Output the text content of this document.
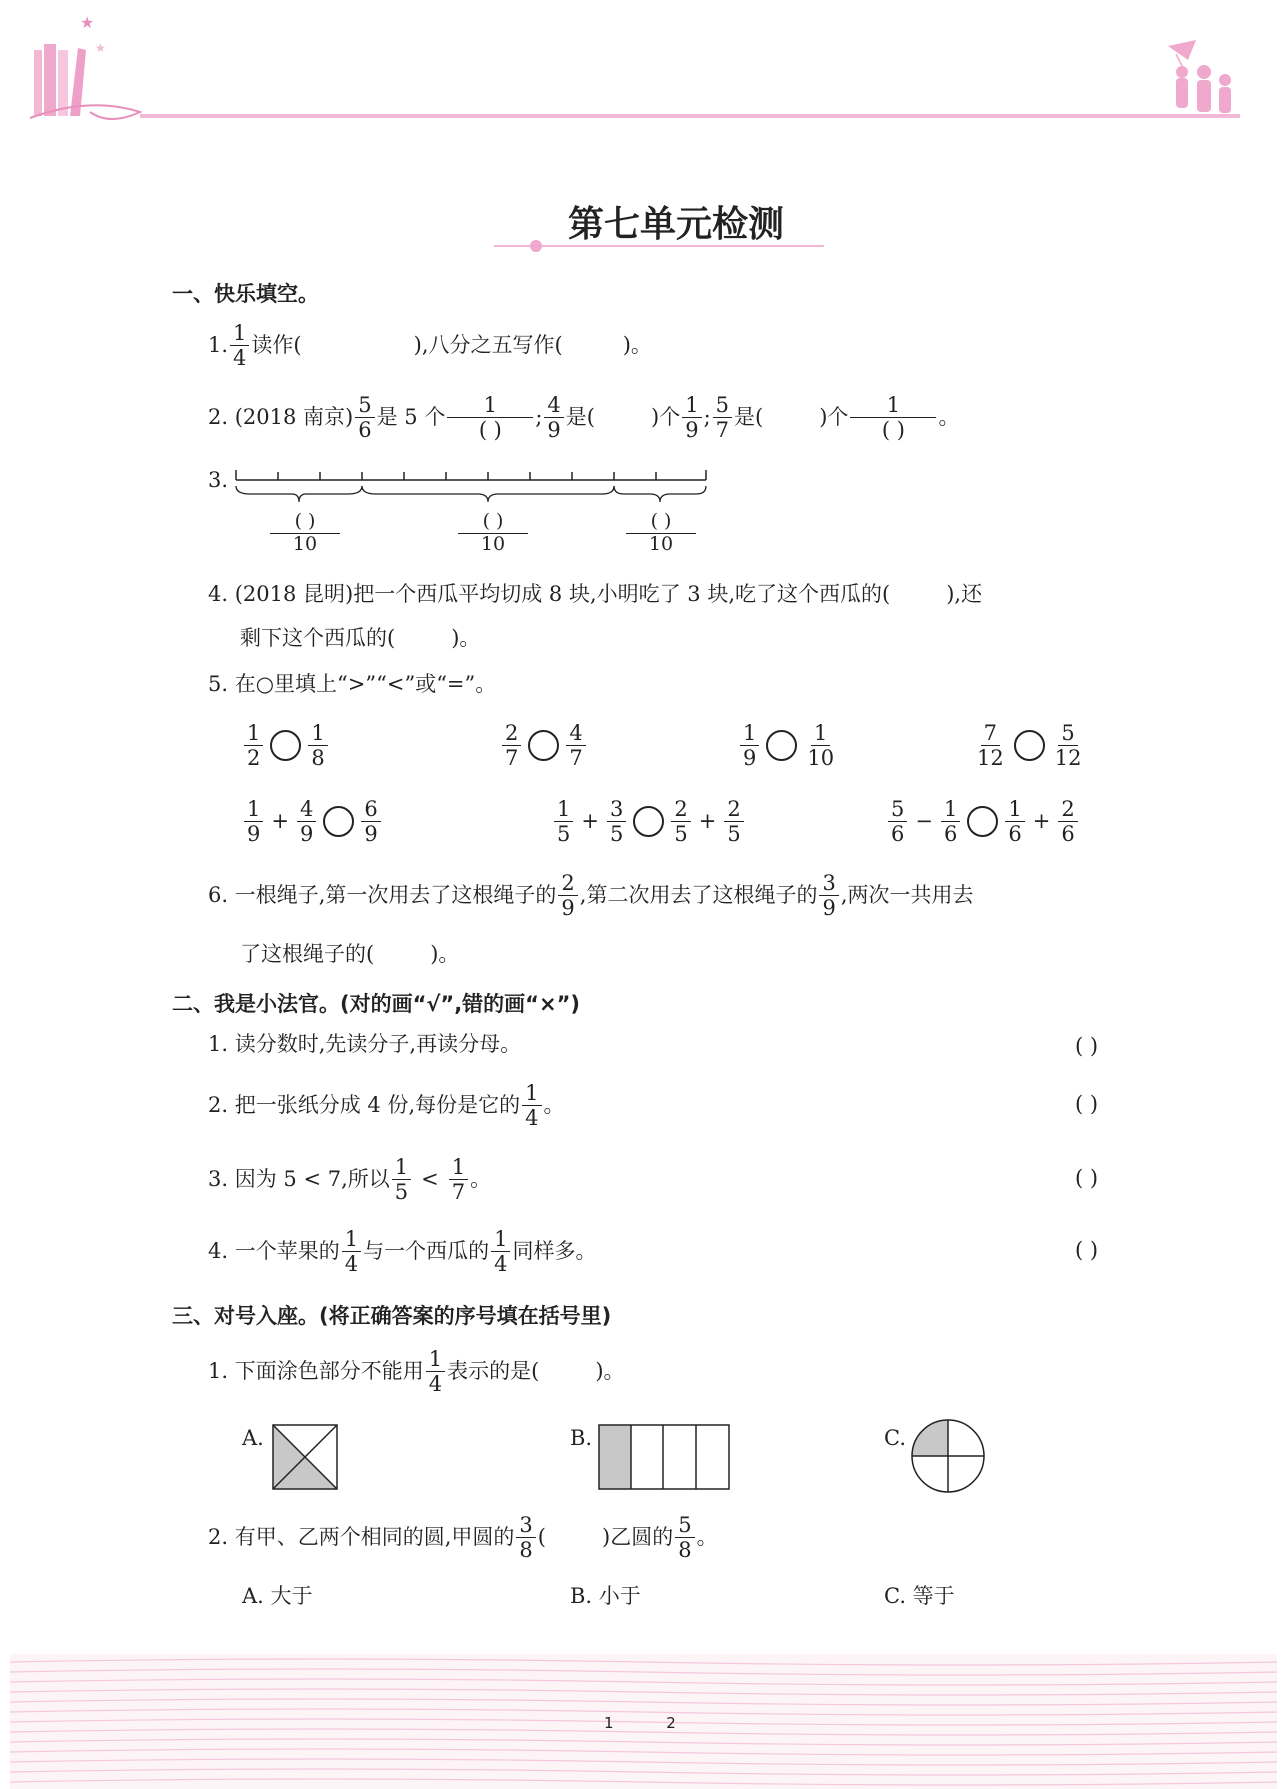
★
★
第七单元检测
一、快乐填空。
1. $\frac{1}{4}$ 读作(	),八分之五写作(	)。
2.
(2018 南京) $\frac{5}{6}$ 是 5 个 $\frac{1}{( )}$ ; $\frac{4}{9}$ 是(	)个 $\frac{1}{9}$ ; $\frac{5}{7}$ 是(	)个 $\frac{1}{( )}$ 。
3.
$\frac{( )}{10}$	$\frac{( )}{10}$	$\frac{( )}{10}$
4.
(2018 昆明)把一个西瓜平均切成 8 块,小明吃了 3 块,吃了这个西瓜的(	),还
剩下这个西瓜的(	)。
5. 在○里填上“>”“<”或“=”。
$\frac{1}{2} \frac{1}{8}$	$\frac{2}{7} \frac{4}{7}$	$\frac{1}{9} \frac{1}{10}$	$\frac{7}{12} \frac{5}{12}$
$\frac{1}{9} + \frac{4}{9} \frac{6}{9}$	$\frac{1}{5} + \frac{3}{5} \frac{2}{5} + \frac{2}{5}$	$\frac{5}{6} - \frac{1}{6} \frac{1}{6} + \frac{2}{6}$
6.
一根绳子,第一次用去了这根绳子的 $\frac{2}{9}$ ,第二次用去了这根绳子的 $\frac{3}{9}$ ,两次一共用去
了这根绳子的(	)。
二、我是小法官。(对的画“√”,错的画“×”)
1.
读分数时,先读分子,再读分母。	( )
2.
把一张纸分成 4 份,每份是它的 $\frac{1}{4}$ 。	( )
3.
因为 5 < 7,所以 $\frac{1}{5} < \frac{1}{7}$ 。	( )
4.
一个苹果的 $\frac{1}{4}$ 与一个西瓜的 $\frac{1}{4}$ 同样多。	( )
三、对号入座。(将正确答案的序号填在括号里)
1.
下面涂色部分不能用 $\frac{1}{4}$ 表示的是(	)。
A.	B.	C.
2.
有甲、乙两个相同的圆,甲圆的 $\frac{3}{8}$ (	)乙圆的 $\frac{5}{8}$ 。
A. 大于	B. 小于	C. 等于
1 2
